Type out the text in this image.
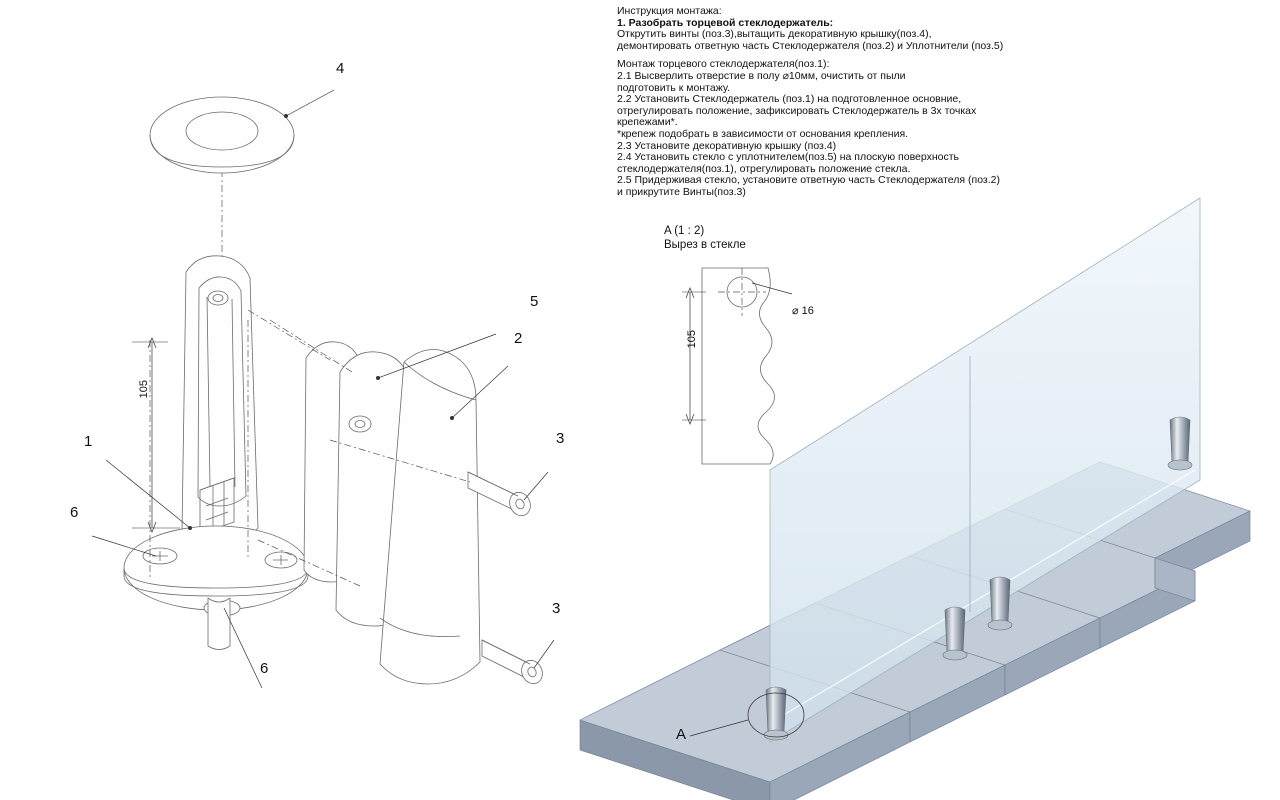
Инструкция монтажа:

1. Разобрать торцевой стеклодержатель:

Открутить винты (поз.3),вытащить декоративную крышку(поз.4),

демонтировать ответную часть Стеклодержателя (поз.2) и Уплотнители (поз.5)

Монтаж торцевого стеклодержателя(поз.1):

2.1 Высверлить отверстие в полу ⌀10мм, очистить от пыли

подготовить к монтажу.

2.2 Установить Стеклодержатель (поз.1) на подготовленное основние,

отрегулировать положение, зафиксировать Стеклодержатель в 3х точках

крепежами*.

*крепеж подобрать в зависимости от основания крепления.

2.3 Установите декоративную крышку (поз.4)

2.4 Установить стекло с уплотнителем(поз.5) на плоскую поверхность

стеклодержателя(поз.1), отрегулировать положение стекла.

2.5 Придерживая стекло, установите ответную часть Стеклодержателя (поз.2)

и прикрутите Винты(поз.3)

4
5
2
3
3
1
6
6
105
A (1 : 2)
Вырез в стекле
⌀ 16
105
A
